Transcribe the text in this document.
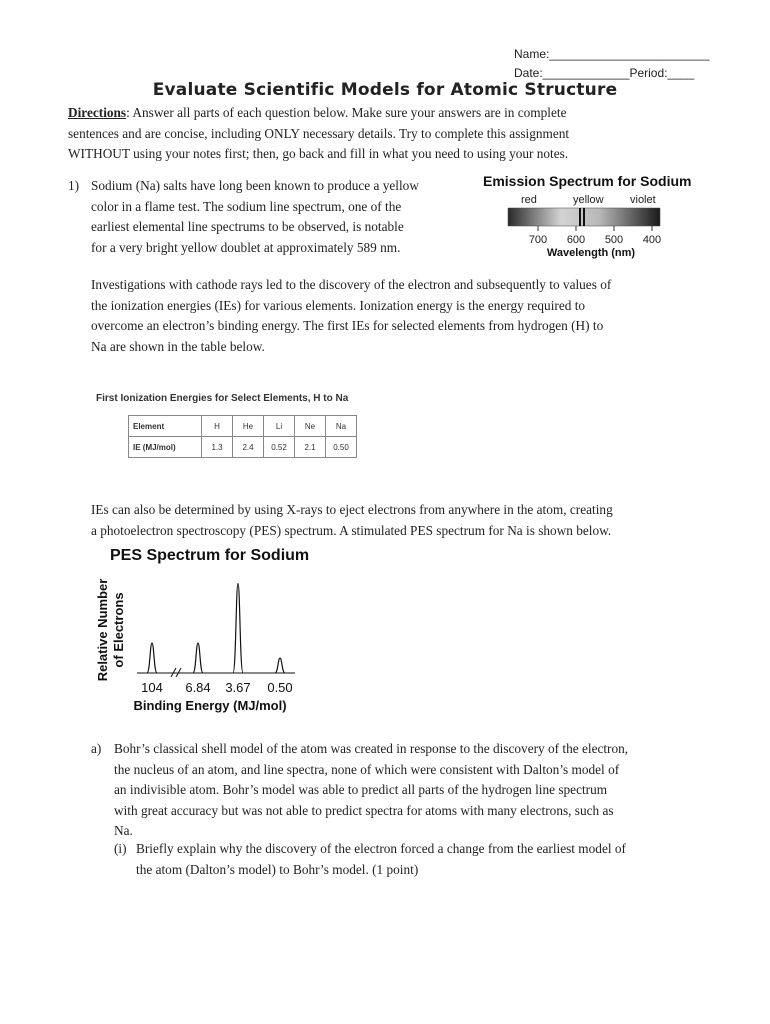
Name:________________________
Date:_____________Period:____
Evaluate Scientific Models for Atomic Structure
Directions: Answer all parts of each question below. Make sure your answers are in complete
sentences and are concise, including ONLY necessary details. Try to complete this assignment
WITHOUT using your notes first; then, go back and fill in what you need to using your notes.
1) Sodium (Na) salts have long been known to produce a yellow
color in a flame test. The sodium line spectrum, one of the
earliest elemental line spectrums to be observed, is notable
for a very bright yellow doublet at approximately 589 nm.
Emission Spectrum for Sodium
red	yellow violet
700 600 500 400
Wavelength (nm)
Investigations with cathode rays led to the discovery of the electron and subsequently to values of
the ionization energies (IEs) for various elements. Ionization energy is the energy required to
overcome an electron’s binding energy. The first IEs for selected elements from hydrogen (H) to
Na are shown in the table below.
First Ionization Energies for Select Elements, H to Na
Element	H	He	Li	Ne	Na
IE (MJ/mol)	1.3	2.4	0.52	2.1	0.50
IEs can also be determined by using X-rays to eject electrons from anywhere in the atom, creating
a photoelectron spectroscopy (PES) spectrum. A stimulated PES spectrum for Na is shown below.
PES Spectrum for Sodium
Relative Number of Electrons
104 6.84 3.67 0.50
Binding Energy (MJ/mol)
a) Bohr’s classical shell model of the atom was created in response to the discovery of the electron,
the nucleus of an atom, and line spectra, none of which were consistent with Dalton’s model of
an indivisible atom. Bohr’s model was able to predict all parts of the hydrogen line spectrum
with great accuracy but was not able to predict spectra for atoms with many electrons, such as
Na.
(i) Briefly explain why the discovery of the electron forced a change from the earliest model of
the atom (Dalton’s model) to Bohr’s model. (1 point)
